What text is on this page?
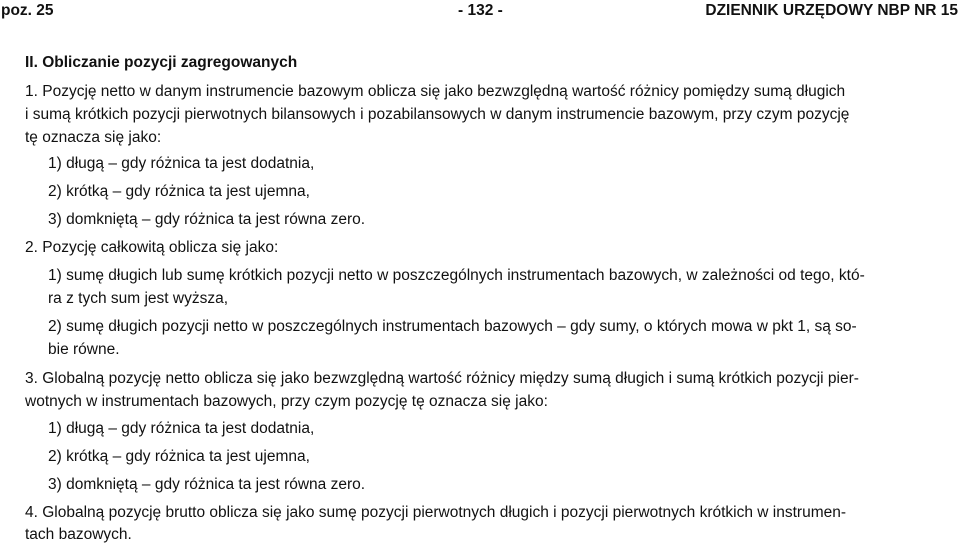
poz. 25	- 132 -	DZIENNIK URZĘDOWY NBP NR 15
II. Obliczanie pozycji zagregowanych
1. Pozycję netto w danym instrumencie bazowym oblicza się jako bezwzględną wartość różnicy pomiędzy sumą długich
i sumą krótkich pozycji pierwotnych bilansowych i pozabilansowych w danym instrumencie bazowym, przy czym pozycję
tę oznacza się jako:
1) długą – gdy różnica ta jest dodatnia,
2) krótką – gdy różnica ta jest ujemna,
3) domkniętą – gdy różnica ta jest równa zero.
2. Pozycję całkowitą oblicza się jako:
1) sumę długich lub sumę krótkich pozycji netto w poszczególnych instrumentach bazowych, w zależności od tego, któ-
ra z tych sum jest wyższa,
2) sumę długich pozycji netto w poszczególnych instrumentach bazowych – gdy sumy, o których mowa w pkt 1, są so-
bie równe.
3. Globalną pozycję netto oblicza się jako bezwzględną wartość różnicy między sumą długich i sumą krótkich pozycji pier-
wotnych w instrumentach bazowych, przy czym pozycję tę oznacza się jako:
1) długą – gdy różnica ta jest dodatnia,
2) krótką – gdy różnica ta jest ujemna,
3) domkniętą – gdy różnica ta jest równa zero.
4. Globalną pozycję brutto oblicza się jako sumę pozycji pierwotnych długich i pozycji pierwotnych krótkich w instrumen-
tach bazowych.
